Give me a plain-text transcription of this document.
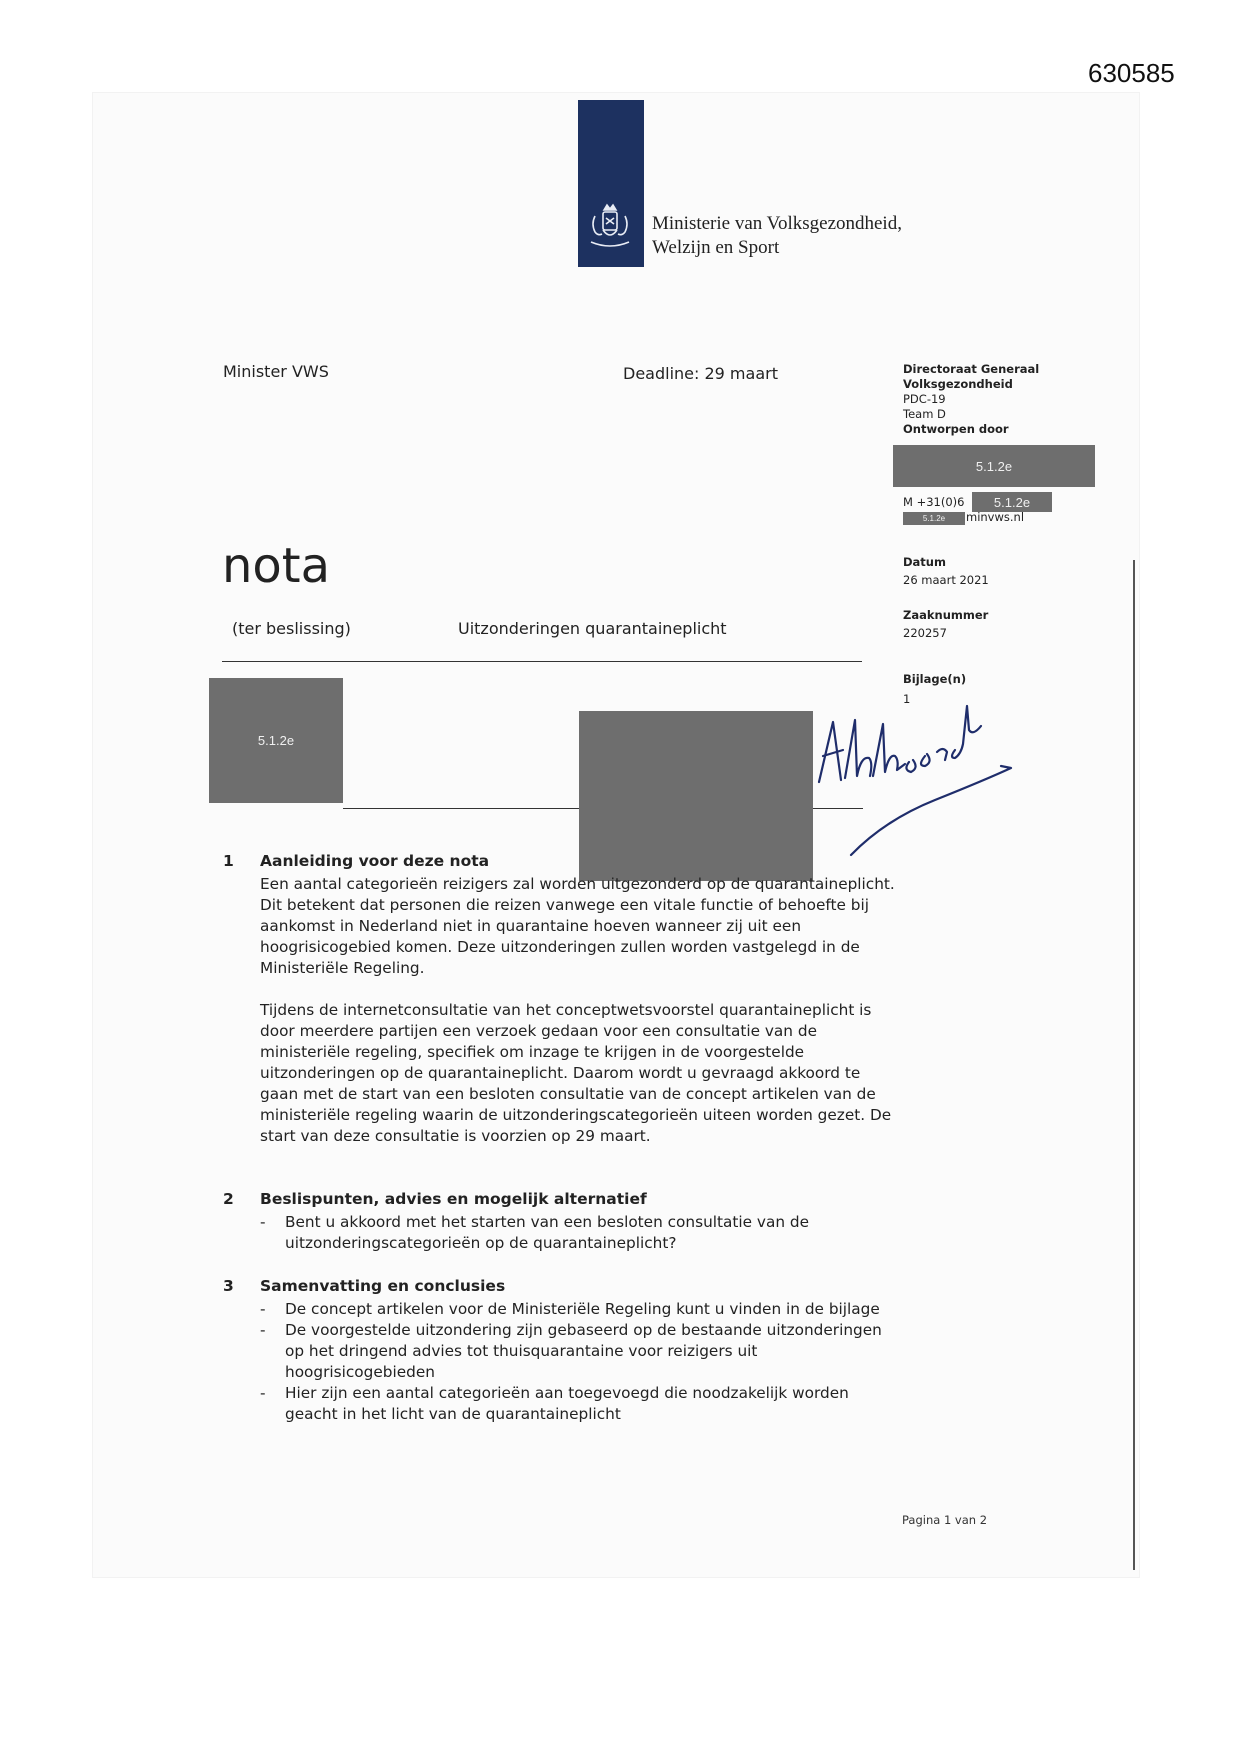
630585
Ministerie van Volksgezondheid,
Welzijn en Sport
Minister VWS	Deadline: 29 maart	Directoraat Generaal
Volksgezondheid
PDC-19
Team D
Ontworpen door
5.1.2e
M +31(0)6	5.1.2e
5.1.2e	minvws.nl
Datum
26 maart 2021
Zaaknummer
220257
Bijlage(n)
1
nota
(ter beslissing)	Uitzonderingen quarantaineplicht
5.1.2e
1 Aanleiding voor deze nota

Een aantal categorieën reizigers zal worden uitgezonderd op de quarantaineplicht. Dit betekent dat personen die reizen vanwege een vitale functie of behoefte bij aankomst in Nederland niet in quarantaine hoeven wanneer zij uit een hoogrisicogebied komen. Deze uitzonderingen zullen worden vastgelegd in de Ministeriële Regeling.

Tijdens de internetconsultatie van het conceptwetsvoorstel quarantaineplicht is door meerdere partijen een verzoek gedaan voor een consultatie van de ministeriële regeling, specifiek om inzage te krijgen in de voorgestelde uitzonderingen op de quarantaineplicht. Daarom wordt u gevraagd akkoord te gaan met de start van een besloten consultatie van de concept artikelen van de ministeriële regeling waarin de uitzonderingscategorieën uiteen worden gezet. De start van deze consultatie is voorzien op 29 maart.

2 Beslispunten, advies en mogelijk alternatief
-	Bent u akkoord met het starten van een besloten consultatie van de uitzonderingscategorieën op de quarantaineplicht?
3 Samenvatting en conclusies
-	De concept artikelen voor de Ministeriële Regeling kunt u vinden in de bijlage
-	De voorgestelde uitzondering zijn gebaseerd op de bestaande uitzonderingen op het dringend advies tot thuisquarantaine voor reizigers uit hoogrisicogebieden
-	Hier zijn een aantal categorieën aan toegevoegd die noodzakelijk worden geacht in het licht van de quarantaineplicht
Pagina 1 van 2
